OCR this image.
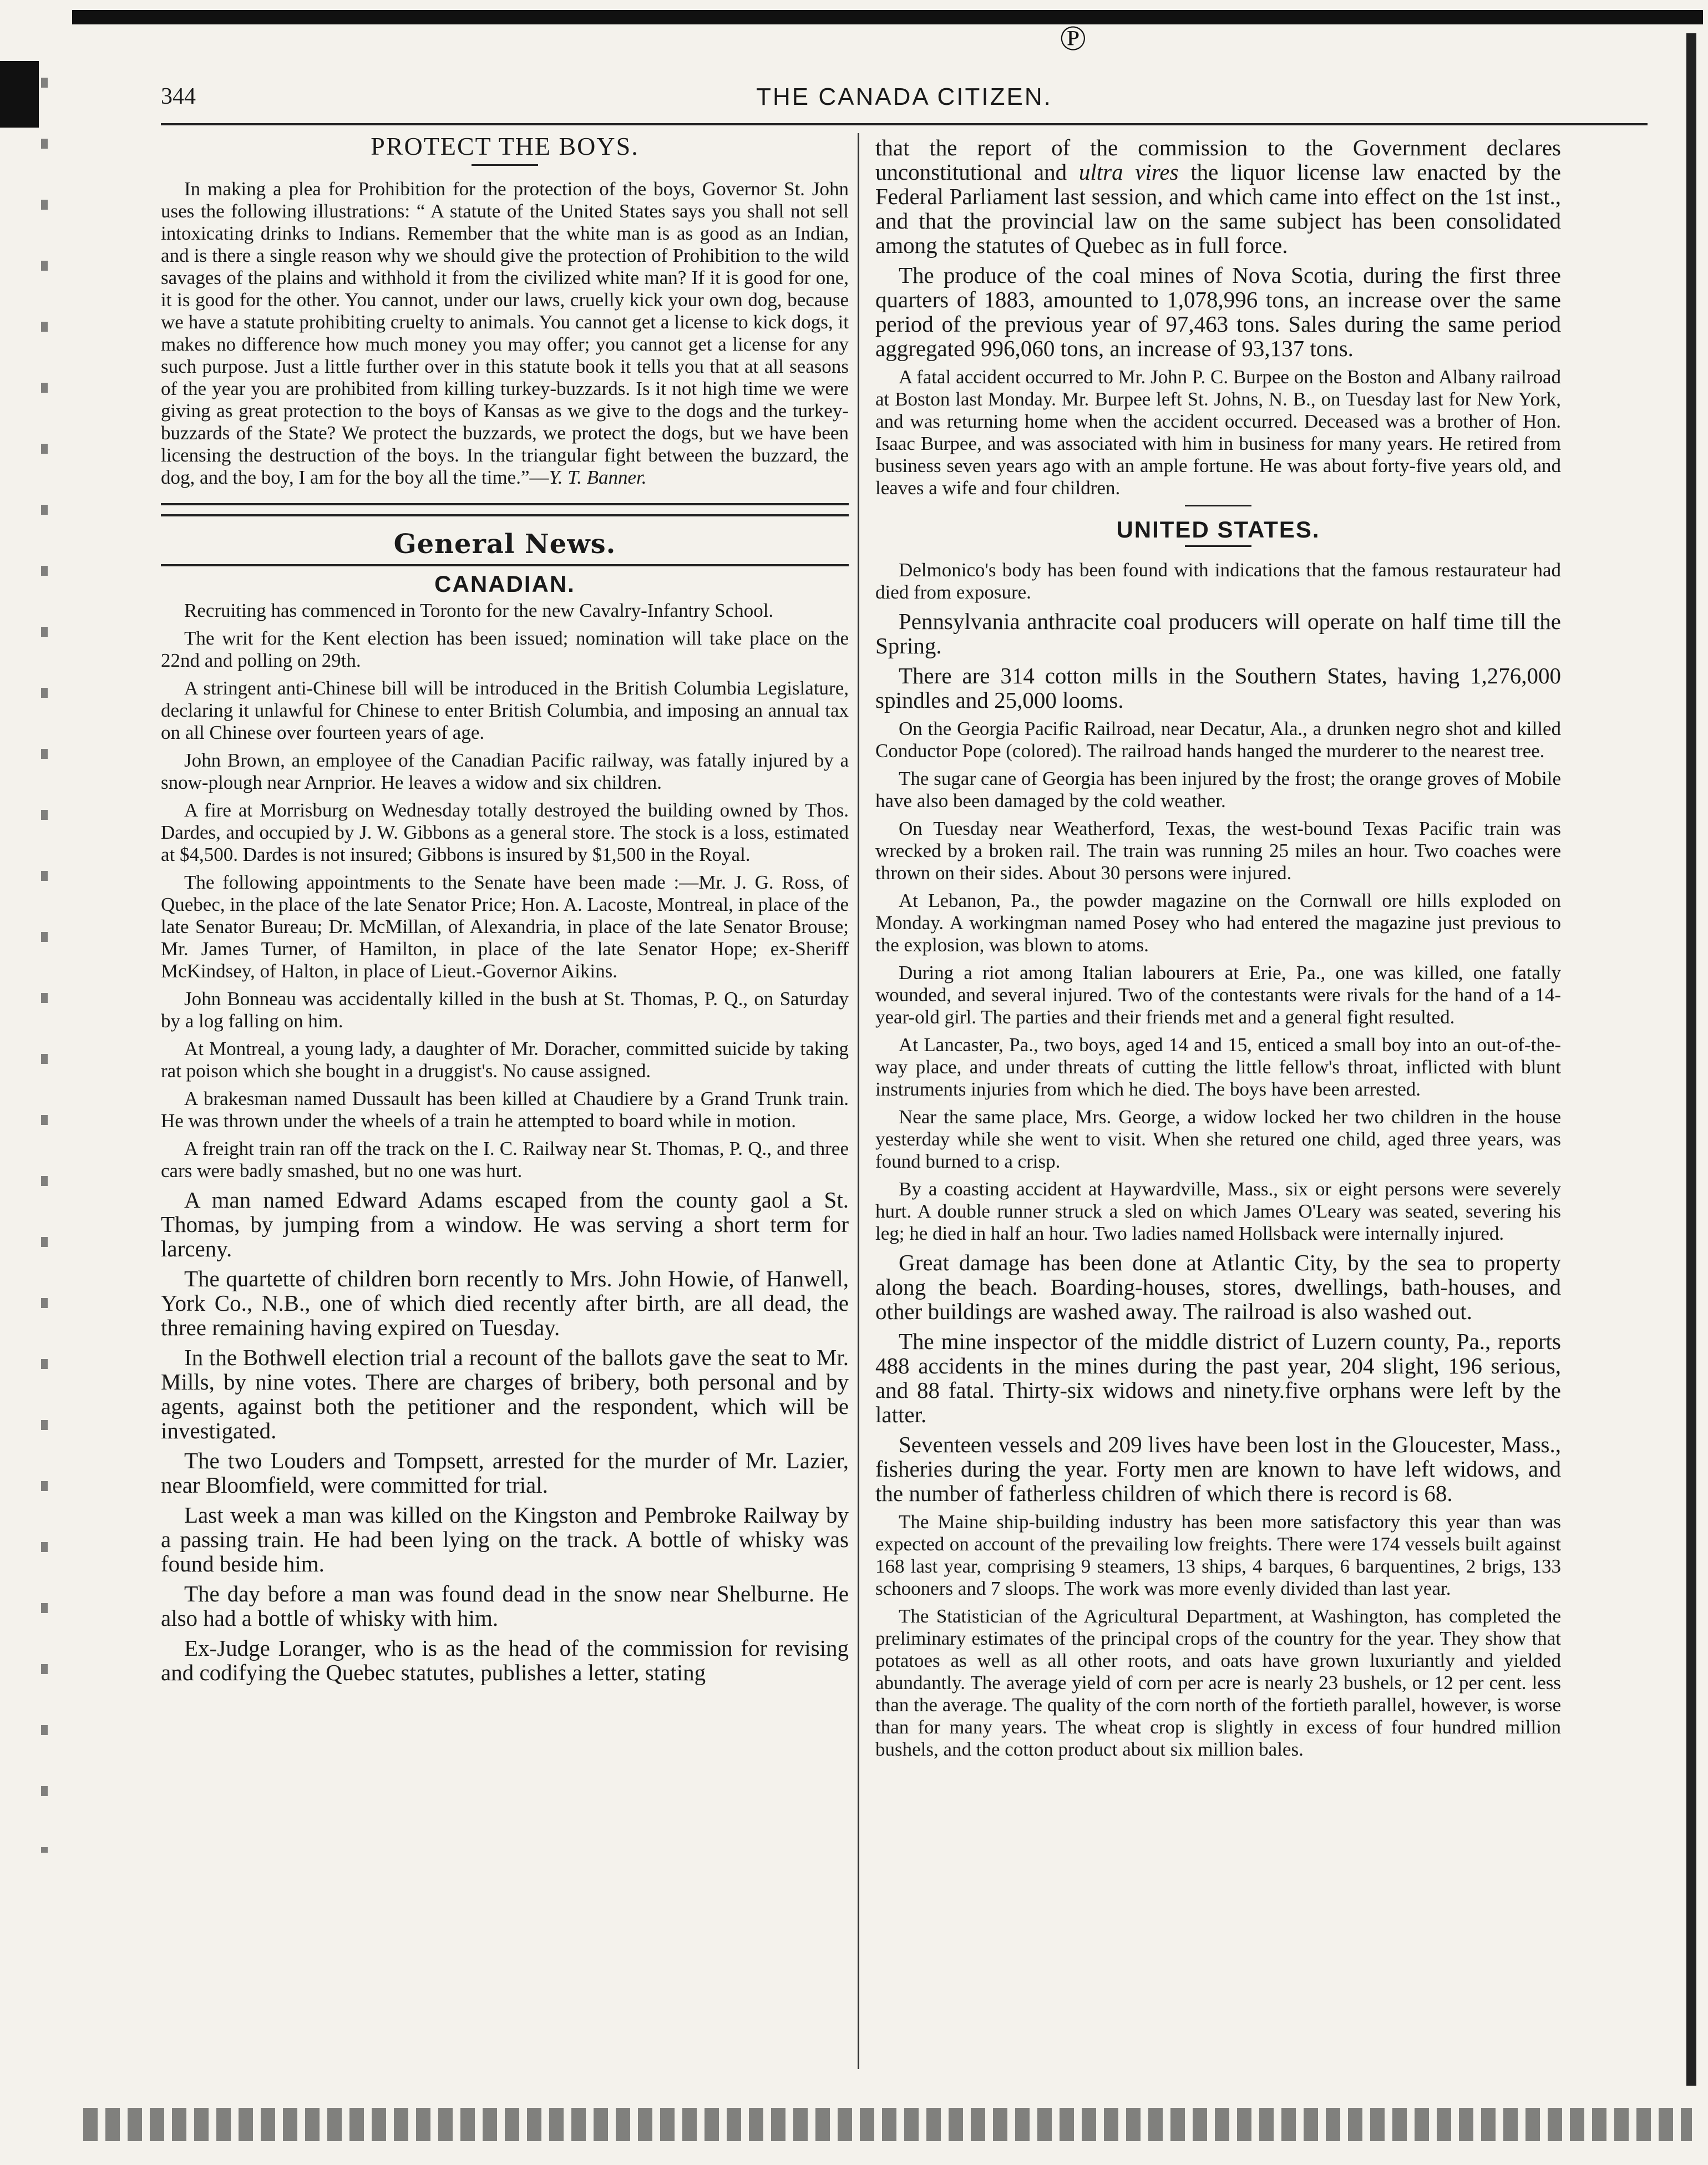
℗
344	THE CANADA CITIZEN.
PROTECT THE BOYS.

In making a plea for Prohibition for the protection of the boys, Governor St. John uses the following illustrations: “ A statute of the United States says you shall not sell intoxicating drinks to Indians. Remember that the white man is as good as an Indian, and is there a single reason why we should give the protection of Prohibition to the wild savages of the plains and withhold it from the civilized white man? If it is good for one, it is good for the other. You cannot, under our laws, cruelly kick your own dog, because we have a statute prohibiting cruelty to animals. You cannot get a license to kick dogs, it makes no difference how much money you may offer; you cannot get a license for any such purpose. Just a little further over in this statute book it tells you that at all seasons of the year you are prohibited from killing turkey-buzzards. Is it not high time we were giving as great protection to the boys of Kansas as we give to the dogs and the turkey-buzzards of the State? We protect the buzzards, we protect the dogs, but we have been licensing the destruction of the boys. In the triangular fight between the buzzard, the dog, and the boy, I am for the boy all the time.”—Y. T. Banner.

General News.
CANADIAN.

Recruiting has commenced in Toronto for the new Cavalry-Infantry School.

The writ for the Kent election has been issued; nomination will take place on the 22nd and polling on 29th.

A stringent anti-Chinese bill will be introduced in the British Columbia Legislature, declaring it unlawful for Chinese to enter British Columbia, and imposing an annual tax on all Chinese over fourteen years of age.

John Brown, an employee of the Canadian Pacific railway, was fatally injured by a snow-plough near Arnprior. He leaves a widow and six children.

A fire at Morrisburg on Wednesday totally destroyed the building owned by Thos. Dardes, and occupied by J. W. Gibbons as a general store. The stock is a loss, estimated at $4,500. Dardes is not insured; Gibbons is insured by $1,500 in the Royal.

The following appointments to the Senate have been made :—Mr. J. G. Ross, of Quebec, in the place of the late Senator Price; Hon. A. Lacoste, Montreal, in place of the late Senator Bureau; Dr. McMillan, of Alexandria, in place of the late Senator Brouse; Mr. James Turner, of Hamilton, in place of the late Senator Hope; ex-Sheriff McKindsey, of Halton, in place of Lieut.-Governor Aikins.

John Bonneau was accidentally killed in the bush at St. Thomas, P. Q., on Saturday by a log falling on him.

At Montreal, a young lady, a daughter of Mr. Doracher, committed suicide by taking rat poison which she bought in a druggist's. No cause assigned.

A brakesman named Dussault has been killed at Chaudiere by a Grand Trunk train. He was thrown under the wheels of a train he attempted to board while in motion.

A freight train ran off the track on the I. C. Railway near St. Thomas, P. Q., and three cars were badly smashed, but no one was hurt.

A man named Edward Adams escaped from the county gaol a St. Thomas, by jumping from a window. He was serving a short term for larceny.

The quartette of children born recently to Mrs. John Howie, of Hanwell, York Co., N.B., one of which died recently after birth, are all dead, the three remaining having expired on Tuesday.

In the Bothwell election trial a recount of the ballots gave the seat to Mr. Mills, by nine votes. There are charges of bribery, both personal and by agents, against both the petitioner and the respondent, which will be investigated.

The two Louders and Tompsett, arrested for the murder of Mr. Lazier, near Bloomfield, were committed for trial.

Last week a man was killed on the Kingston and Pembroke Railway by a passing train. He had been lying on the track. A bottle of whisky was found beside him.

The day before a man was found dead in the snow near Shelburne. He also had a bottle of whisky with him.

Ex-Judge Loranger, who is as the head of the commission for revising and codifying the Quebec statutes, publishes a letter, stating

that the report of the commission to the Government declares unconstitutional and ultra vires the liquor license law enacted by the Federal Parliament last session, and which came into effect on the 1st inst., and that the provincial law on the same subject has been consolidated among the statutes of Quebec as in full force.

The produce of the coal mines of Nova Scotia, during the first three quarters of 1883, amounted to 1,078,996 tons, an increase over the same period of the previous year of 97,463 tons. Sales during the same period aggregated 996,060 tons, an increase of 93,137 tons.

A fatal accident occurred to Mr. John P. C. Burpee on the Boston and Albany railroad at Boston last Monday. Mr. Burpee left St. Johns, N. B., on Tuesday last for New York, and was returning home when the accident occurred. Deceased was a brother of Hon. Isaac Burpee, and was associated with him in business for many years. He retired from business seven years ago with an ample fortune. He was about forty-five years old, and leaves a wife and four children.

UNITED STATES.

Delmonico's body has been found with indications that the famous restaurateur had died from exposure.

Pennsylvania anthracite coal producers will operate on half time till the Spring.

There are 314 cotton mills in the Southern States, having 1,276,000 spindles and 25,000 looms.

On the Georgia Pacific Railroad, near Decatur, Ala., a drunken negro shot and killed Conductor Pope (colored). The railroad hands hanged the murderer to the nearest tree.

The sugar cane of Georgia has been injured by the frost; the orange groves of Mobile have also been damaged by the cold weather.

On Tuesday near Weatherford, Texas, the west-bound Texas Pacific train was wrecked by a broken rail. The train was running 25 miles an hour. Two coaches were thrown on their sides. About 30 persons were injured.

At Lebanon, Pa., the powder magazine on the Cornwall ore hills exploded on Monday. A workingman named Posey who had entered the magazine just previous to the explosion, was blown to atoms.

During a riot among Italian labourers at Erie, Pa., one was killed, one fatally wounded, and several injured. Two of the contestants were rivals for the hand of a 14-year-old girl. The parties and their friends met and a general fight resulted.

At Lancaster, Pa., two boys, aged 14 and 15, enticed a small boy into an out-of-the-way place, and under threats of cutting the little fellow's throat, inflicted with blunt instruments injuries from which he died. The boys have been arrested.

Near the same place, Mrs. George, a widow locked her two children in the house yesterday while she went to visit. When she retured one child, aged three years, was found burned to a crisp.

By a coasting accident at Haywardville, Mass., six or eight persons were severely hurt. A double runner struck a sled on which James O'Leary was seated, severing his leg; he died in half an hour. Two ladies named Hollsback were internally injured.

Great damage has been done at Atlantic City, by the sea to property along the beach. Boarding-houses, stores, dwellings, bath-houses, and other buildings are washed away. The railroad is also washed out.

The mine inspector of the middle district of Luzern county, Pa., reports 488 accidents in the mines during the past year, 204 slight, 196 serious, and 88 fatal. Thirty-six widows and ninety.five orphans were left by the latter.

Seventeen vessels and 209 lives have been lost in the Gloucester, Mass., fisheries during the year. Forty men are known to have left widows, and the number of fatherless children of which there is record is 68.

The Maine ship-building industry has been more satisfactory this year than was expected on account of the prevailing low freights. There were 174 vessels built against 168 last year, comprising 9 steamers, 13 ships, 4 barques, 6 barquentines, 2 brigs, 133 schooners and 7 sloops. The work was more evenly divided than last year.

The Statistician of the Agricultural Department, at Washington, has completed the preliminary estimates of the principal crops of the country for the year. They show that potatoes as well as all other roots, and oats have grown luxuriantly and yielded abundantly. The average yield of corn per acre is nearly 23 bushels, or 12 per cent. less than the average. The quality of the corn north of the fortieth parallel, however, is worse than for many years. The wheat crop is slightly in excess of four hundred million bushels, and the cotton product about six million bales.
